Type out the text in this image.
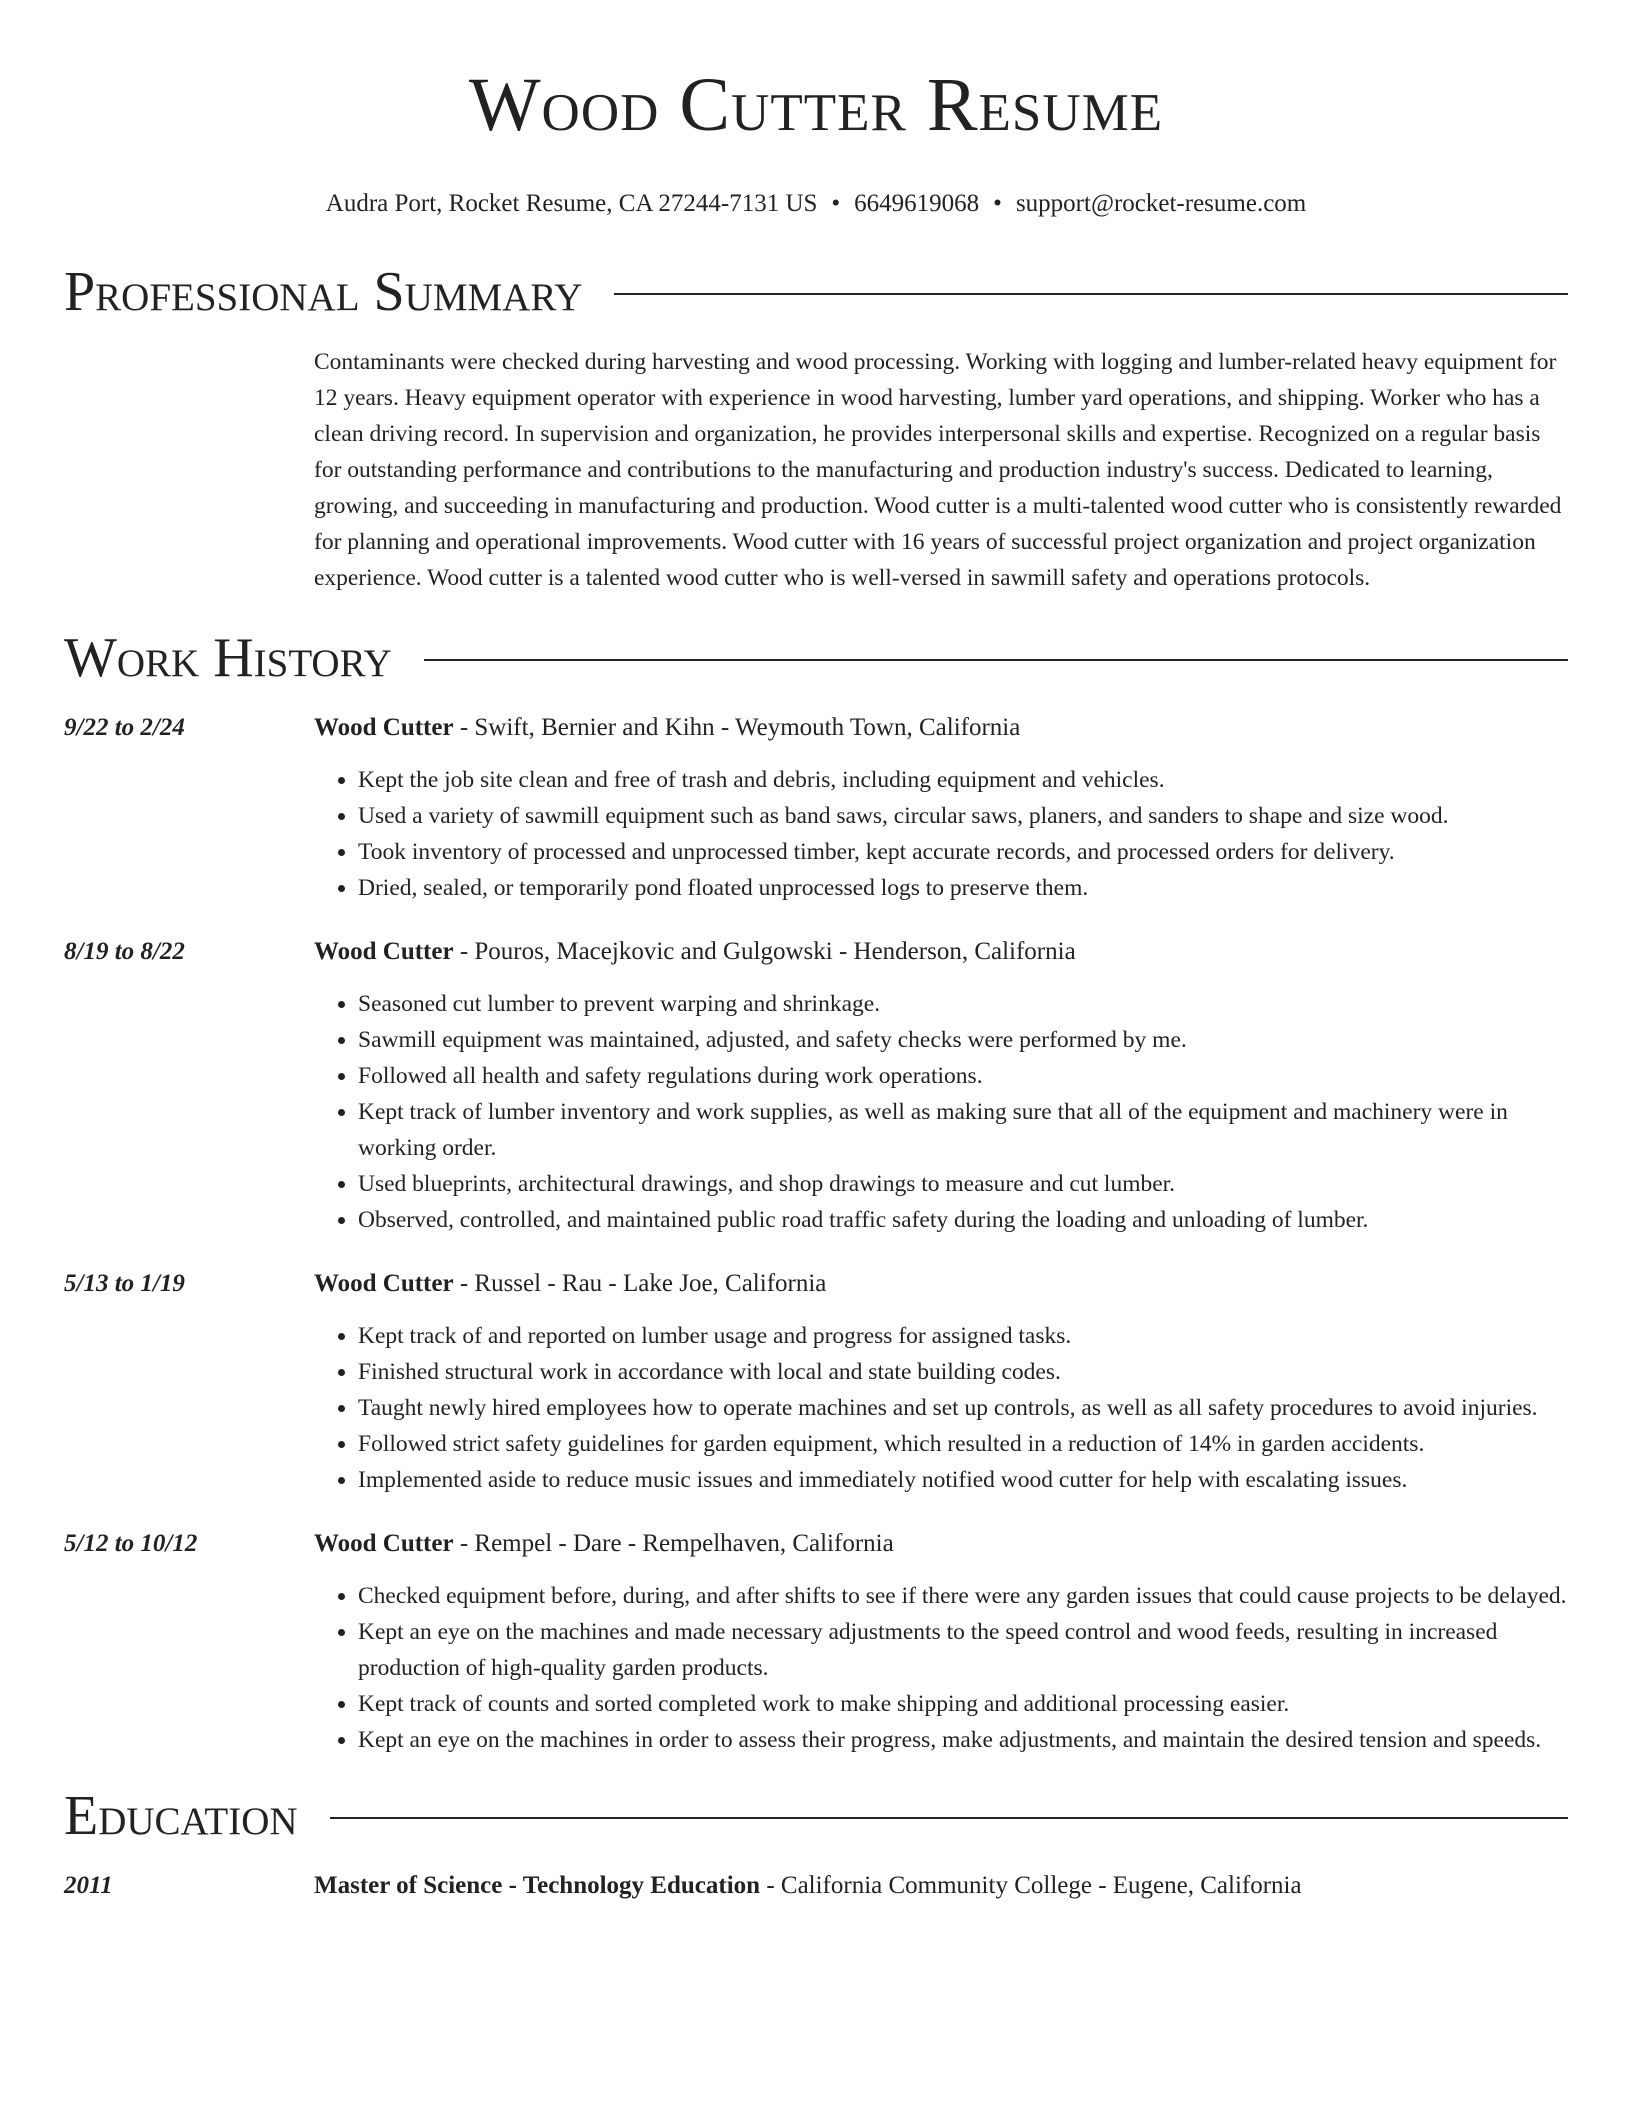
Wood Cutter Resume
Audra Port, Rocket Resume, CA 27244-7131 US • 6649619068 • support@rocket-resume.com
Professional Summary
Contaminants were checked during harvesting and wood processing. Working with logging and lumber-related heavy equipment for 12 years. Heavy equipment operator with experience in wood harvesting, lumber yard operations, and shipping. Worker who has a clean driving record. In supervision and organization, he provides interpersonal skills and expertise. Recognized on a regular basis for outstanding performance and contributions to the manufacturing and production industry's success. Dedicated to learning, growing, and succeeding in manufacturing and production. Wood cutter is a multi-talented wood cutter who is consistently rewarded for planning and operational improvements. Wood cutter with 16 years of successful project organization and project organization experience. Wood cutter is a talented wood cutter who is well-versed in sawmill safety and operations protocols.
Work History
9/22 to 2/24	Wood Cutter - Swift, Bernier and Kihn - Weymouth Town, California
• Kept the job site clean and free of trash and debris, including equipment and vehicles.
• Used a variety of sawmill equipment such as band saws, circular saws, planers, and sanders to shape and size wood.
• Took inventory of processed and unprocessed timber, kept accurate records, and processed orders for delivery.
• Dried, sealed, or temporarily pond floated unprocessed logs to preserve them.
8/19 to 8/22	Wood Cutter - Pouros, Macejkovic and Gulgowski - Henderson, California
• Seasoned cut lumber to prevent warping and shrinkage.
• Sawmill equipment was maintained, adjusted, and safety checks were performed by me.
• Followed all health and safety regulations during work operations.
• Kept track of lumber inventory and work supplies, as well as making sure that all of the equipment and machinery were in working order.
• Used blueprints, architectural drawings, and shop drawings to measure and cut lumber.
• Observed, controlled, and maintained public road traffic safety during the loading and unloading of lumber.
5/13 to 1/19	Wood Cutter - Russel - Rau - Lake Joe, California
• Kept track of and reported on lumber usage and progress for assigned tasks.
• Finished structural work in accordance with local and state building codes.
• Taught newly hired employees how to operate machines and set up controls, as well as all safety procedures to avoid injuries.
• Followed strict safety guidelines for garden equipment, which resulted in a reduction of 14% in garden accidents.
• Implemented aside to reduce music issues and immediately notified wood cutter for help with escalating issues.
5/12 to 10/12	Wood Cutter - Rempel - Dare - Rempelhaven, California
• Checked equipment before, during, and after shifts to see if there were any garden issues that could cause projects to be delayed.
• Kept an eye on the machines and made necessary adjustments to the speed control and wood feeds, resulting in increased production of high-quality garden products.
• Kept track of counts and sorted completed work to make shipping and additional processing easier.
• Kept an eye on the machines in order to assess their progress, make adjustments, and maintain the desired tension and speeds.
Education
2011	Master of Science - Technology Education - California Community College - Eugene, California
